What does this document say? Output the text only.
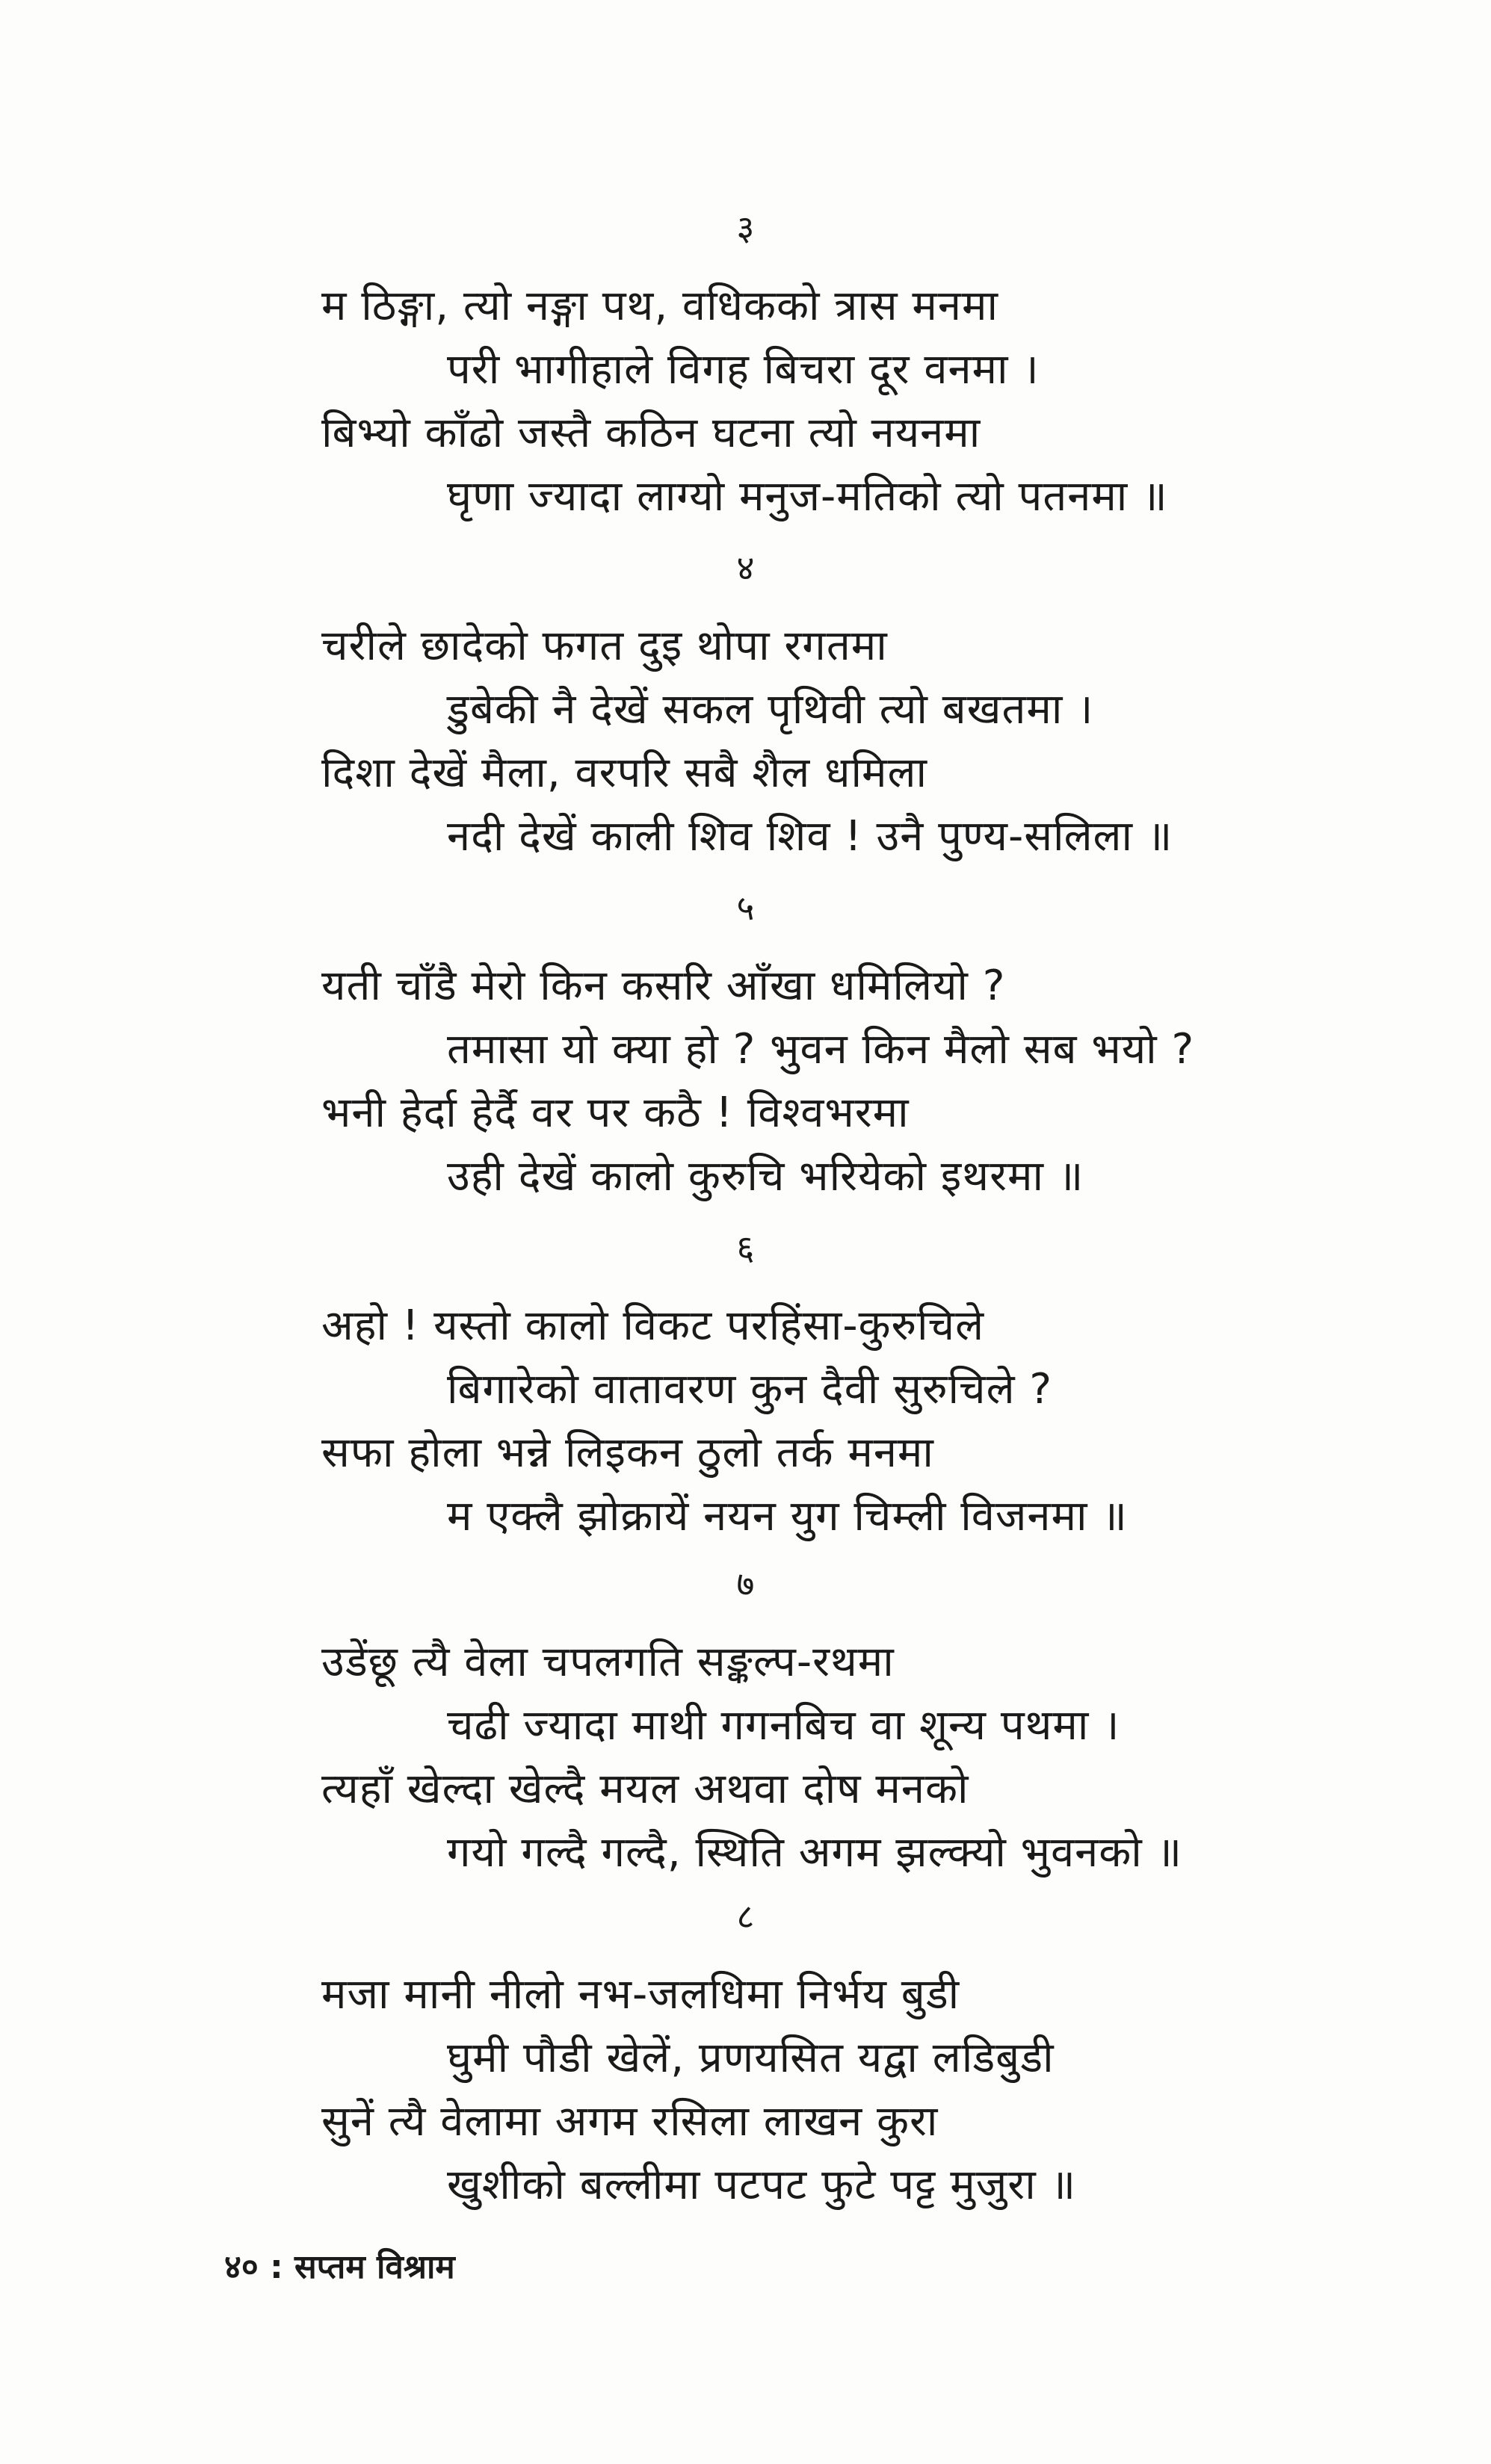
३
म ठिङ्गा, त्यो नङ्गा पथ, वधिकको त्रास मनमा
परी भागीहाले विगह बिचरा दूर वनमा ।
बिभ्यो काँढो जस्तै कठिन घटना त्यो नयनमा
घृणा ज्यादा लाग्यो मनुज-मतिको त्यो पतनमा ॥
४
चरीले छादेको फगत दुइ थोपा रगतमा
डुबेकी नै देखें सकल पृथिवी त्यो बखतमा ।
दिशा देखें मैला, वरपरि सबै शैल धमिला
नदी देखें काली शिव शिव ! उनै पुण्य-सलिला ॥
५
यती चाँडै मेरो किन कसरि आँखा धमिलियो ?
तमासा यो क्या हो ? भुवन किन मैलो सब भयो ?
भनी हेर्दा हेर्दै वर पर कठै ! विश्वभरमा
उही देखें कालो कुरुचि भरियेको इथरमा ॥
६
अहो ! यस्तो कालो विकट परहिंसा-कुरुचिले
बिगारेको वातावरण कुन दैवी सुरुचिले ?
सफा होला भन्ने लिइकन ठुलो तर्क मनमा
म एक्लै झोक्रायें नयन युग चिम्ली विजनमा ॥
७
उडेंछू त्यै वेला चपलगति सङ्कल्प-रथमा
चढी ज्यादा माथी गगनबिच वा शून्य पथमा ।
त्यहाँ खेल्दा खेल्दै मयल अथवा दोष मनको
गयो गल्दै गल्दै, स्थिति अगम झल्क्यो भुवनको ॥
८
मजा मानी नीलो नभ-जलधिमा निर्भय बुडी
घुमी पौडी खेलें, प्रणयसित यद्वा लडिबुडी
सुनें त्यै वेलामा अगम रसिला लाखन कुरा
खुशीको बल्लीमा पटपट फुटे पट्ट मुजुरा ॥
४० : सप्तम विश्राम
